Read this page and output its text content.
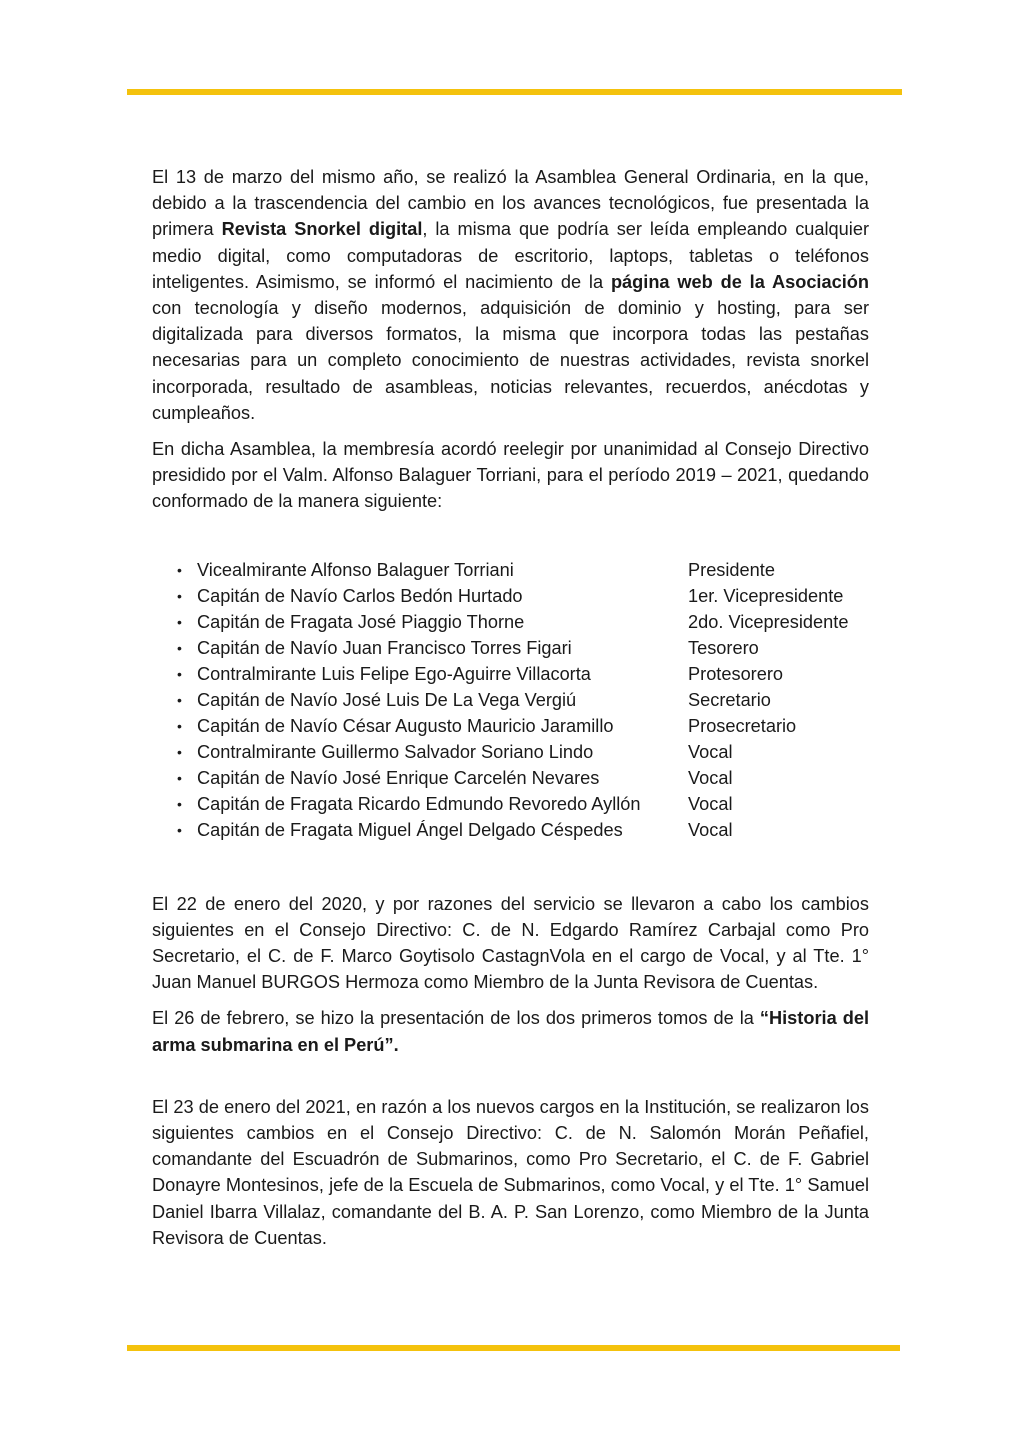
El 13 de marzo del mismo año, se realizó la Asamblea General Ordinaria, en la que, debido a la trascendencia del cambio en los avances tecnológicos, fue presentada la primera Revista Snorkel digital, la misma que podría ser leída empleando cualquier medio digital, como computadoras de escritorio, laptops, tabletas o teléfonos inteligentes. Asimismo, se informó el nacimiento de la página web de la Asociación con tecnología y diseño modernos, adquisición de dominio y hosting, para ser digitalizada para diversos formatos, la misma que incorpora todas las pestañas necesarias para un completo conocimiento de nuestras actividades, revista snorkel incorporada, resultado de asambleas, noticias relevantes, recuerdos, anécdotas y cumpleaños.

En dicha Asamblea, la membresía acordó reelegir por unanimidad al Consejo Directivo presidido por el Valm. Alfonso Balaguer Torriani, para el período 2019 – 2021, quedando conformado de la manera siguiente:

• Vicealmirante Alfonso Balaguer Torriani	Presidente
• Capitán de Navío Carlos Bedón Hurtado	1er. Vicepresidente
• Capitán de Fragata José Piaggio Thorne	2do. Vicepresidente
• Capitán de Navío Juan Francisco Torres Figari	Tesorero
• Contralmirante Luis Felipe Ego-Aguirre Villacorta	Protesorero
• Capitán de Navío José Luis De La Vega Vergiú	Secretario
• Capitán de Navío César Augusto Mauricio Jaramillo	Prosecretario
• Contralmirante Guillermo Salvador Soriano Lindo	Vocal
• Capitán de Navío José Enrique Carcelén Nevares	Vocal
• Capitán de Fragata Ricardo Edmundo Revoredo Ayllón	Vocal
• Capitán de Fragata Miguel Ángel Delgado Céspedes	Vocal

El 22 de enero del 2020, y por razones del servicio se llevaron a cabo los cambios siguientes en el Consejo Directivo: C. de N. Edgardo Ramírez Carbajal como Pro Secretario, el C. de F. Marco Goytisolo CastagnVola en el cargo de Vocal, y al Tte. 1° Juan Manuel BURGOS Hermoza como Miembro de la Junta Revisora de Cuentas.

El 26 de febrero, se hizo la presentación de los dos primeros tomos de la “Historia del arma submarina en el Perú”.

El 23 de enero del 2021, en razón a los nuevos cargos en la Institución, se realizaron los siguientes cambios en el Consejo Directivo: C. de N. Salomón Morán Peñafiel, comandante del Escuadrón de Submarinos, como Pro Secretario, el C. de F. Gabriel Donayre Montesinos, jefe de la Escuela de Submarinos, como Vocal, y el Tte. 1° Samuel Daniel Ibarra Villalaz, comandante del B. A. P. San Lorenzo, como Miembro de la Junta Revisora de Cuentas.
